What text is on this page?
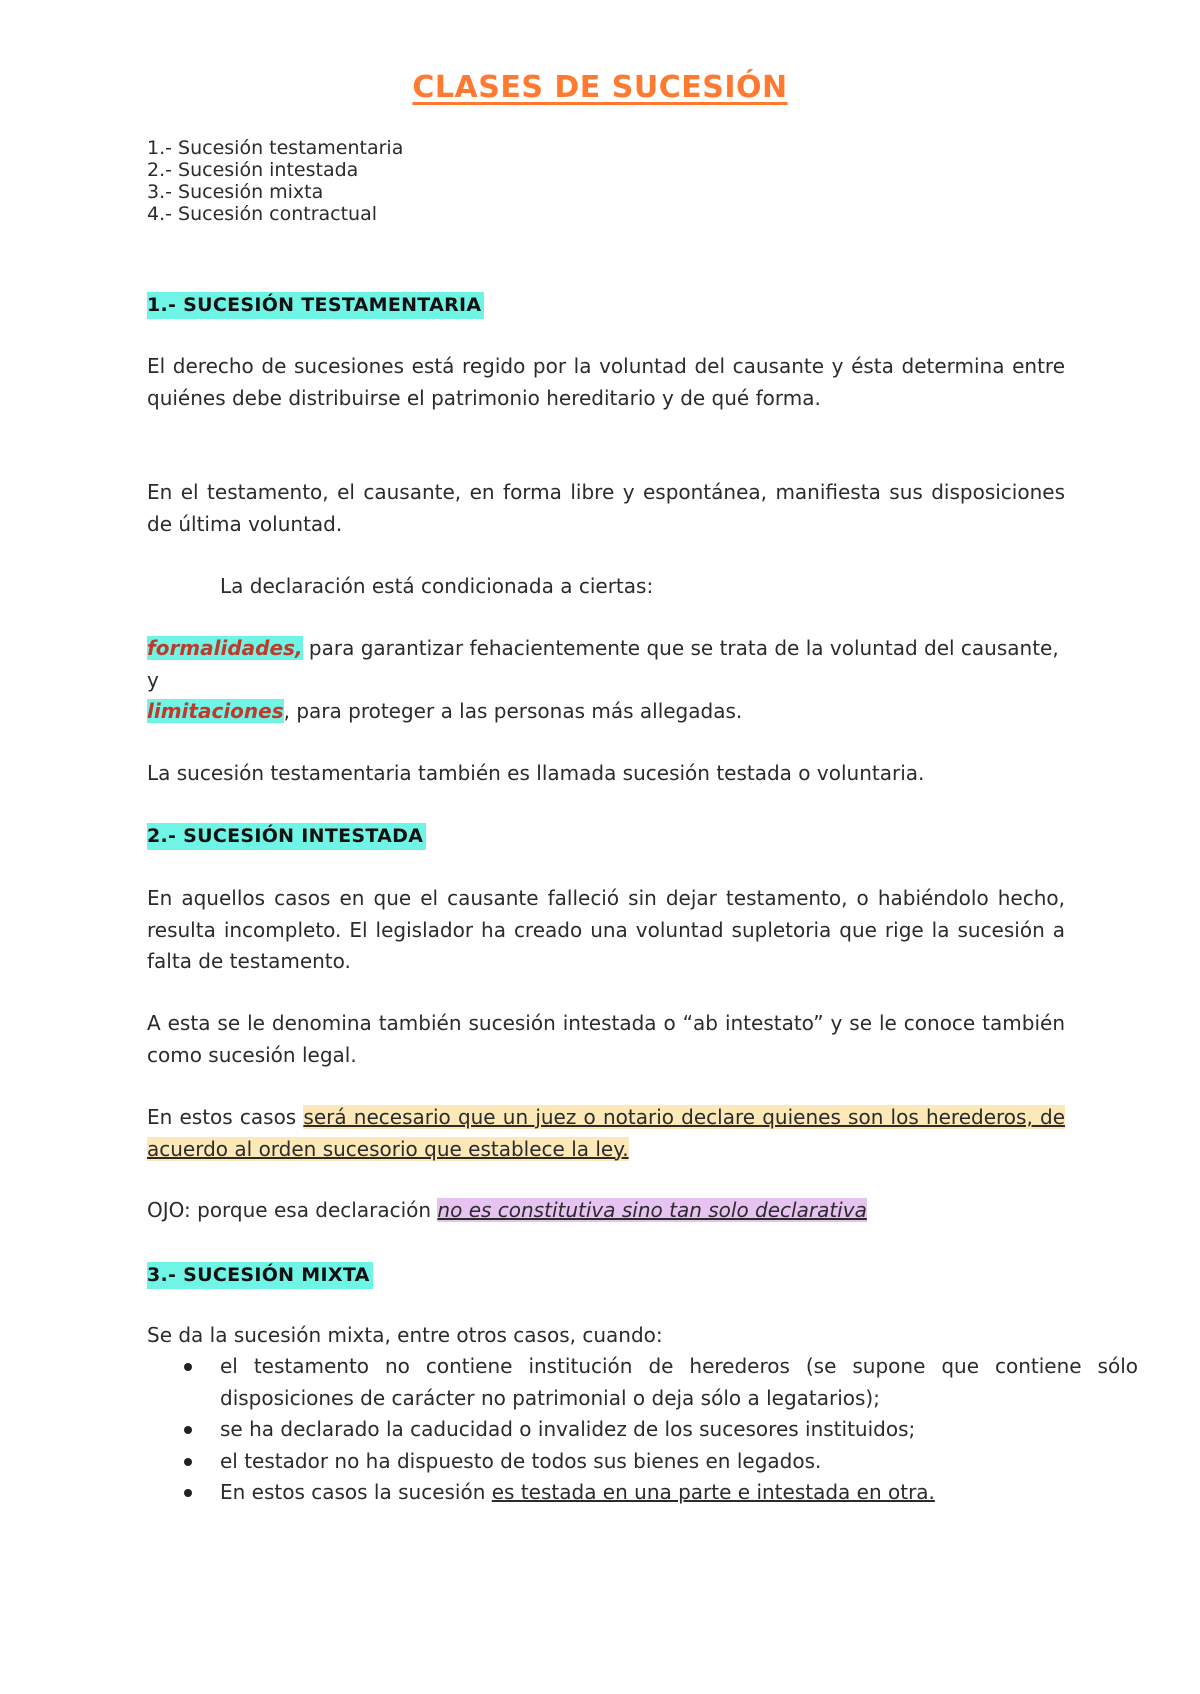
CLASES DE SUCESIÓN
1.- Sucesión testamentaria
2.- Sucesión intestada
3.- Sucesión mixta
4.- Sucesión contractual
1.- SUCESIÓN TESTAMENTARIA

El derecho de sucesiones está regido por la voluntad del causante y ésta determina entre quiénes debe distribuirse el patrimonio hereditario y de qué forma.

En el testamento, el causante, en forma libre y espontánea, manifiesta sus disposiciones de última voluntad.

La declaración está condicionada a ciertas:

formalidades, para garantizar fehacientemente que se trata de la voluntad del causante, y

limitaciones, para proteger a las personas más allegadas.

La sucesión testamentaria también es llamada sucesión testada o voluntaria.

2.- SUCESIÓN INTESTADA

En aquellos casos en que el causante falleció sin dejar testamento, o habiéndolo hecho, resulta incompleto. El legislador ha creado una voluntad supletoria que rige la sucesión a falta de testamento.

A esta se le denomina también sucesión intestada o “ab intestato” y se le conoce también como sucesión legal.

En estos casos será necesario que un juez o notario declare quienes son los herederos, de acuerdo al orden sucesorio que establece la ley.

OJO: porque esa declaración no es constitutiva sino tan solo declarativa

3.- SUCESIÓN MIXTA

Se da la sucesión mixta, entre otros casos, cuando:

el testamento no contiene institución de herederos (se supone que contiene sólo disposiciones de carácter no patrimonial o deja sólo a legatarios);
se ha declarado la caducidad o invalidez de los sucesores instituidos;
el testador no ha dispuesto de todos sus bienes en legados.
En estos casos la sucesión es testada en una parte e intestada en otra.
